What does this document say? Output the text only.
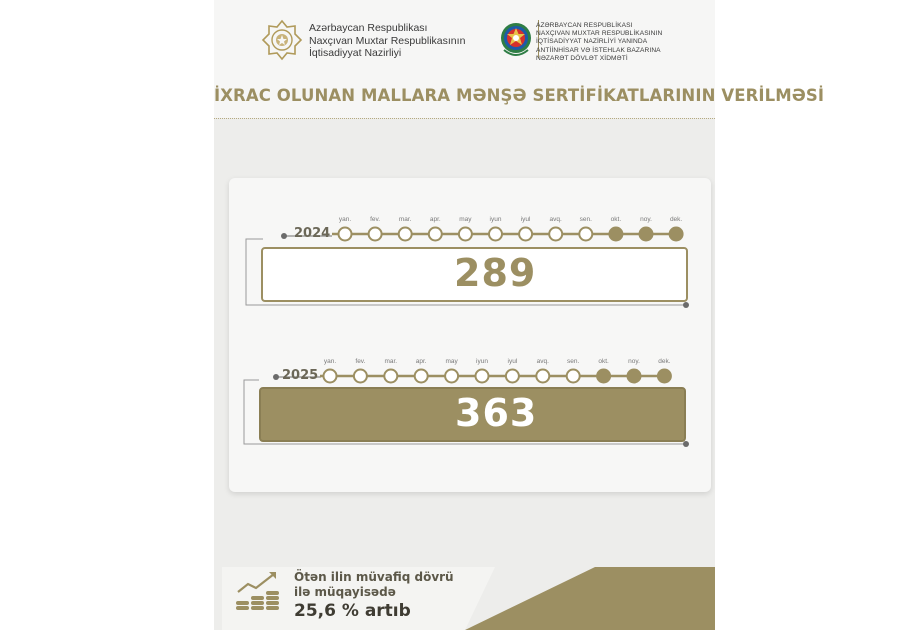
Azərbaycan Respublikası
Naxçıvan Muxtar Respublikasının
İqtisadiyyat Nazirliyi
AZƏRBAYCAN RESPUBLİKASI
NAXÇIVAN MUXTAR RESPUBLİKASININ
İQTİSADİYYAT NAZİRLİYİ YANINDA
ANTİİNHİSAR VƏ İSTEHLAK BAZARINA
NƏZARƏT DÖVLƏT XİDMƏTİ
İXRAC OLUNAN MALLARA MƏNŞƏ SERTİFİKATLARININ VERİLMƏSİ
yan.	fev.	mar.	apr.	may	iyun	iyul	avq.	sen.	okt.	noy.	dek.
yan.	fev.	mar.	apr.	may	iyun	iyul	avq.	sen.	okt.	noy.	dek.
2024
2025
289
363
Ötən ilin müvafiq dövrü
ilə müqayisədə
25,6 % artıb
